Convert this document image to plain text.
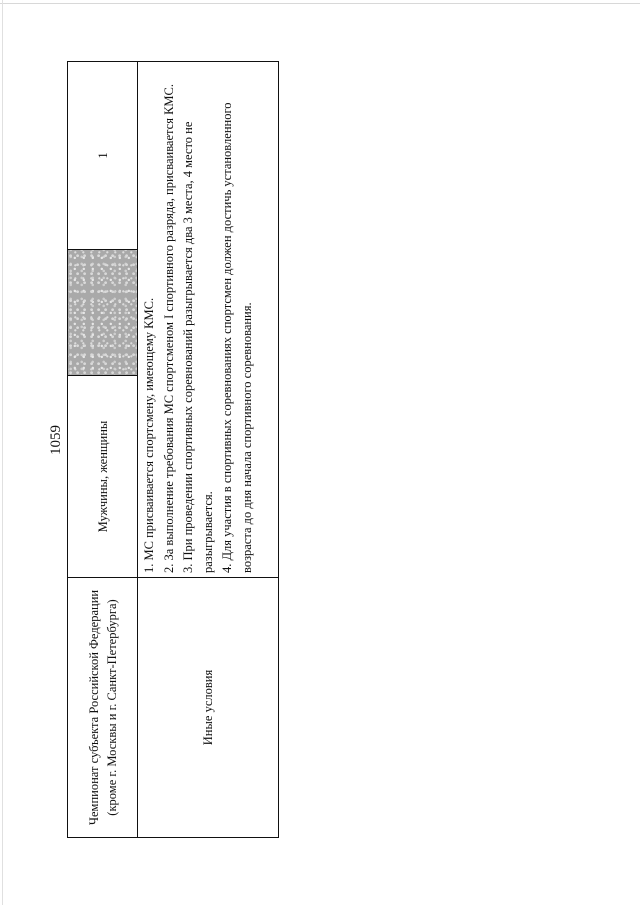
1059
Чемпионат субъекта Российской Федерации (кроме г. Москвы и г. Санкт-Петербурга)	Мужчины, женщины		1
Иные условия	1. МС присваивается спортсмену, имеющему КМС. 2. За выполнение требования МС спортсменом I спортивного разряда, присваивается КМС. 3. При проведении спортивных соревнований разыгрывается два 3 места, 4 место не разыгрывается. 4. Для участия в спортивных соревнованиях спортсмен должен достичь установленного возраста до дня начала спортивного соревнования.		
